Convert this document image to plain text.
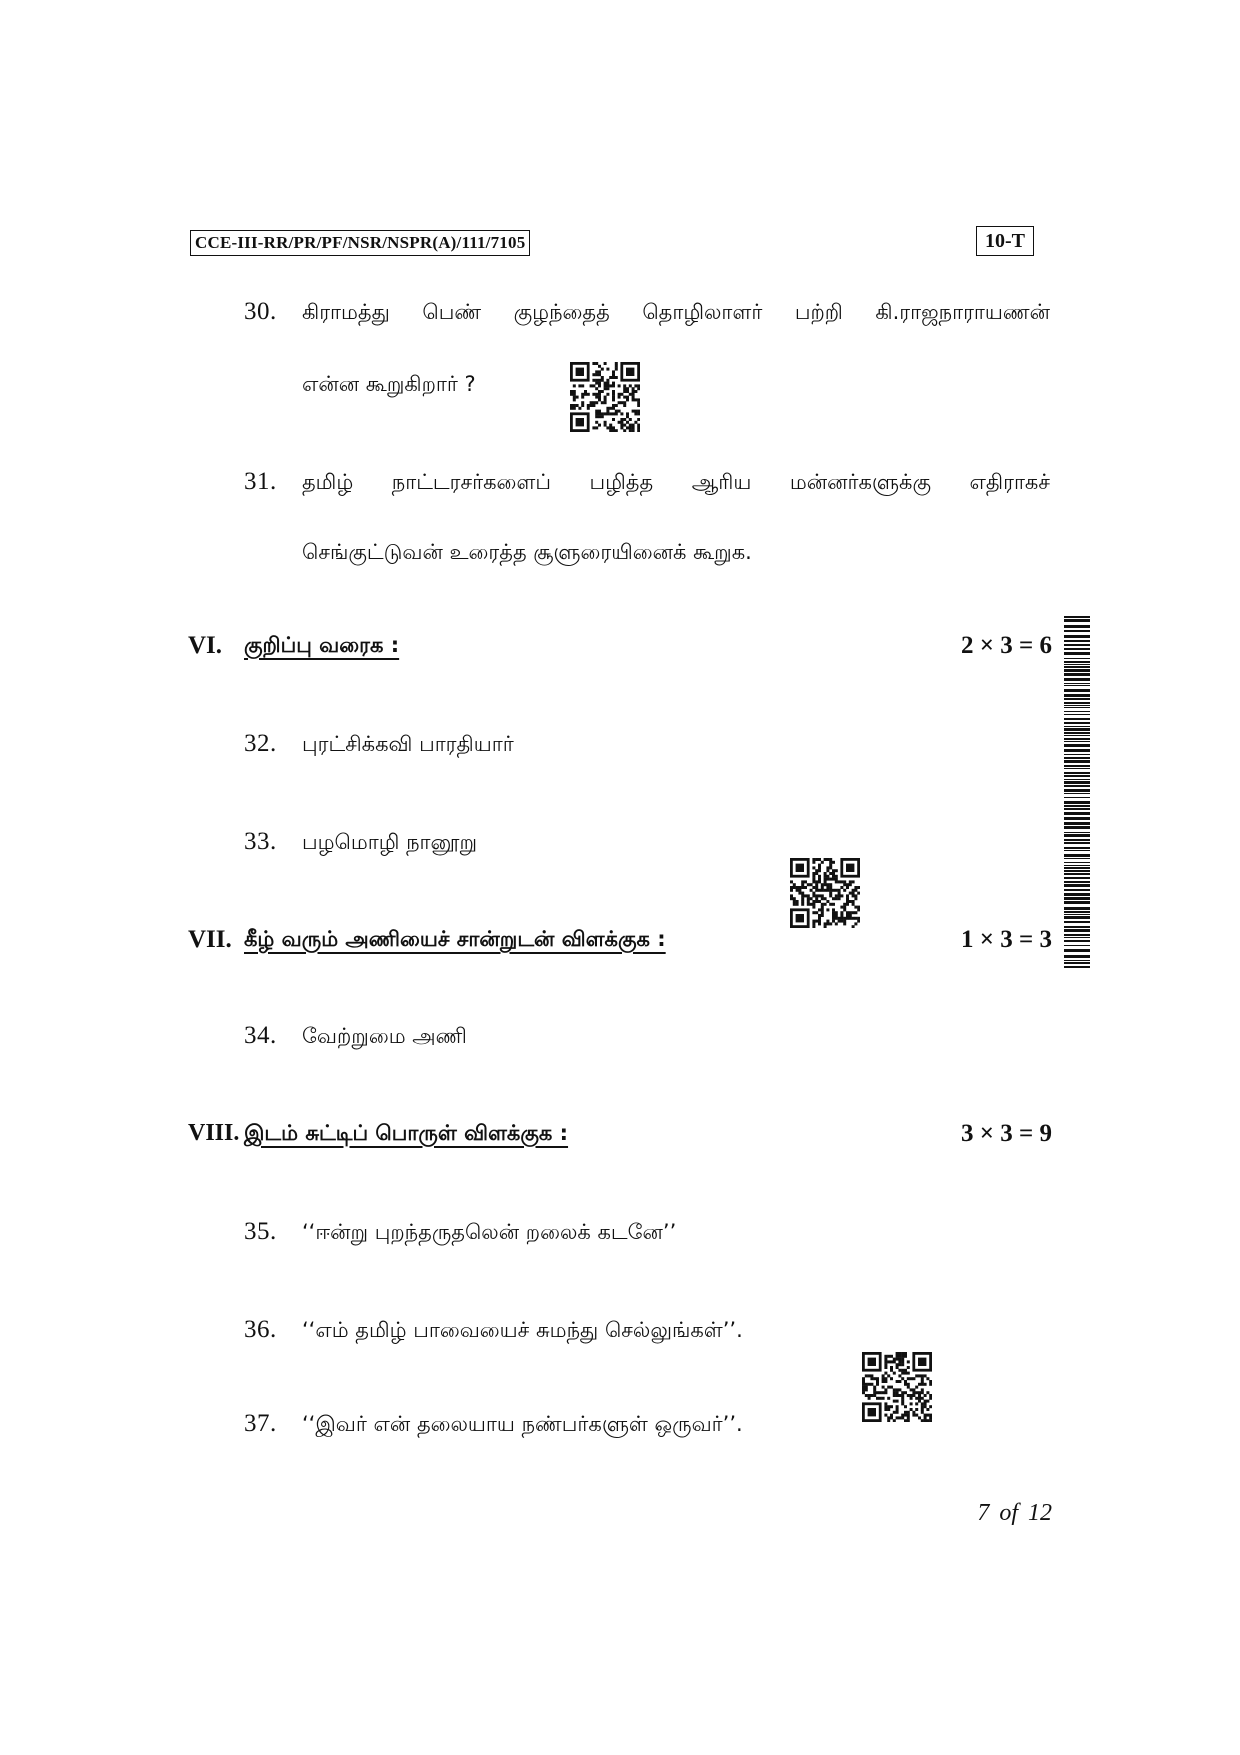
CCE-III-RR/PR/PF/NSR/NSPR(A)/111/7105	10-T
30. கிராமத்து பெண் குழந்தைத் தொழிலாளர் பற்றி கி.ராஜநாராயணன்
என்ன கூறுகிறார் ?
31. தமிழ் நாட்டரசர்களைப் பழித்த ஆரிய மன்னர்களுக்கு எதிராகச்
செங்குட்டுவன் உரைத்த சூளுரையினைக் கூறுக.
VI. குறிப்பு வரைக :	2 × 3 = 6
32. புரட்சிக்கவி பாரதியார்
33. பழமொழி நானூறு
VII. கீழ் வரும் அணியைச் சான்றுடன் விளக்குக :	1 × 3 = 3
34. வேற்றுமை அணி
VIII. இடம் சுட்டிப் பொருள் விளக்குக :	3 × 3 = 9
35. ‘‘ஈன்று புறந்தருதலென் றலைக் கடனே’’
36. ‘‘எம் தமிழ் பாவையைச் சுமந்து செல்லுங்கள்’’.
37. ‘‘இவர் என் தலையாய நண்பர்களுள் ஒருவர்’’.
7 of 12
